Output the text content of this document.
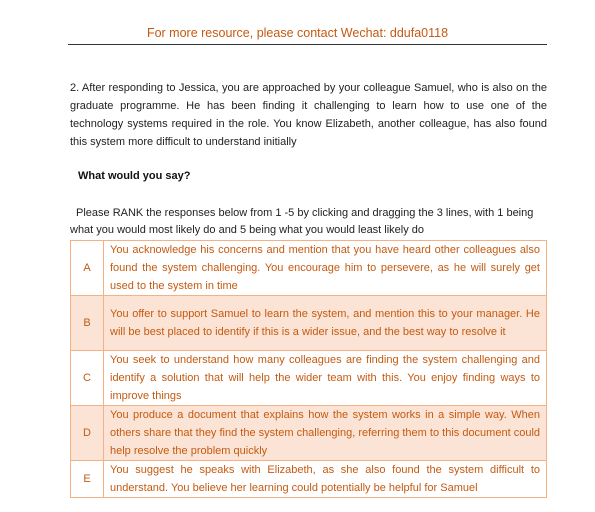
For more resource, please contact Wechat: ddufa0118
2. After responding to Jessica, you are approached by your colleague Samuel, who is also on the graduate programme. He has been finding it challenging to learn how to use one of the technology systems required in the role. You know Elizabeth, another colleague, has also found this system more difficult to understand initially
What would you say?
Please RANK the responses below from 1 -5 by clicking and dragging the 3 lines, with 1 being what you would most likely do and 5 being what you would least likely do
A	You acknowledge his concerns and mention that you have heard other colleagues also found the system challenging. You encourage him to persevere, as he will surely get used to the system in time
B	You offer to support Samuel to learn the system, and mention this to your manager. He will be best placed to identify if this is a wider issue, and the best way to resolve it
C	You seek to understand how many colleagues are finding the system challenging and identify a solution that will help the wider team with this. You enjoy finding ways to improve things
D	You produce a document that explains how the system works in a simple way. When others share that they find the system challenging, referring them to this document could help resolve the problem quickly
E	You suggest he speaks with Elizabeth, as she also found the system difficult to understand. You believe her learning could potentially be helpful for Samuel
